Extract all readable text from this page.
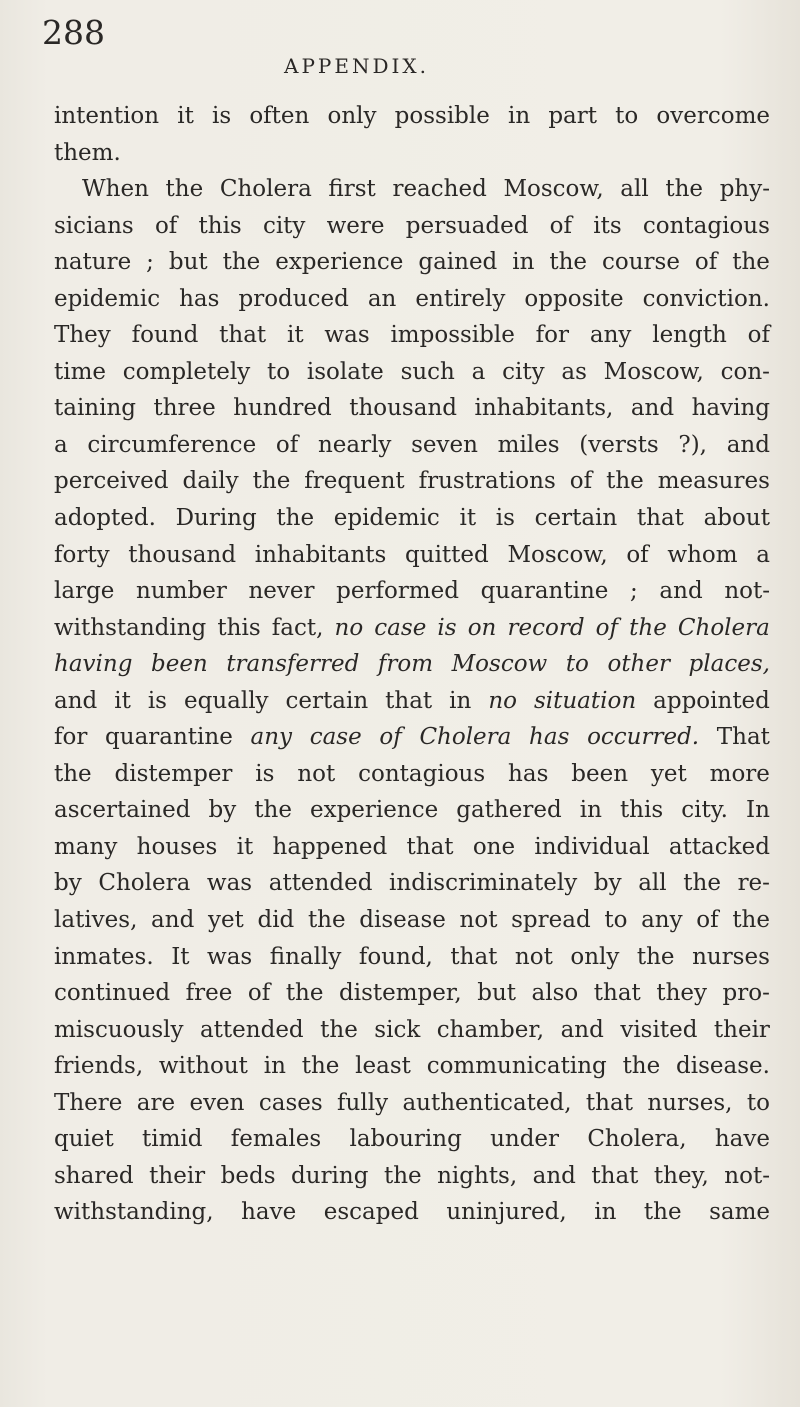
288
APPENDIX.
intention it is often only possible in part to overcome
them.
When the Cholera first reached Moscow, all the phy-
sicians of this city were persuaded of its contagious
nature ; but the experience gained in the course of the
epidemic has produced an entirely opposite conviction.
They found that it was impossible for any length of
time completely to isolate such a city as Moscow, con-
taining three hundred thousand inhabitants, and having
a circumference of nearly seven miles (versts ?), and
perceived daily the frequent frustrations of the measures
adopted. During the epidemic it is certain that about
forty thousand inhabitants quitted Moscow, of whom a
large number never performed quarantine ; and not-
withstanding this fact, no case is on record of the Cholera
having been transferred from Moscow to other places,
and it is equally certain that in no situation appointed
for quarantine any case of Cholera has occurred. That
the distemper is not contagious has been yet more
ascertained by the experience gathered in this city. In
many houses it happened that one individual attacked
by Cholera was attended indiscriminately by all the re-
latives, and yet did the disease not spread to any of the
inmates. It was finally found, that not only the nurses
continued free of the distemper, but also that they pro-
miscuously attended the sick chamber, and visited their
friends, without in the least communicating the disease.
There are even cases fully authenticated, that nurses, to
quiet timid females labouring under Cholera, have
shared their beds during the nights, and that they, not-
withstanding, have escaped uninjured, in the same
